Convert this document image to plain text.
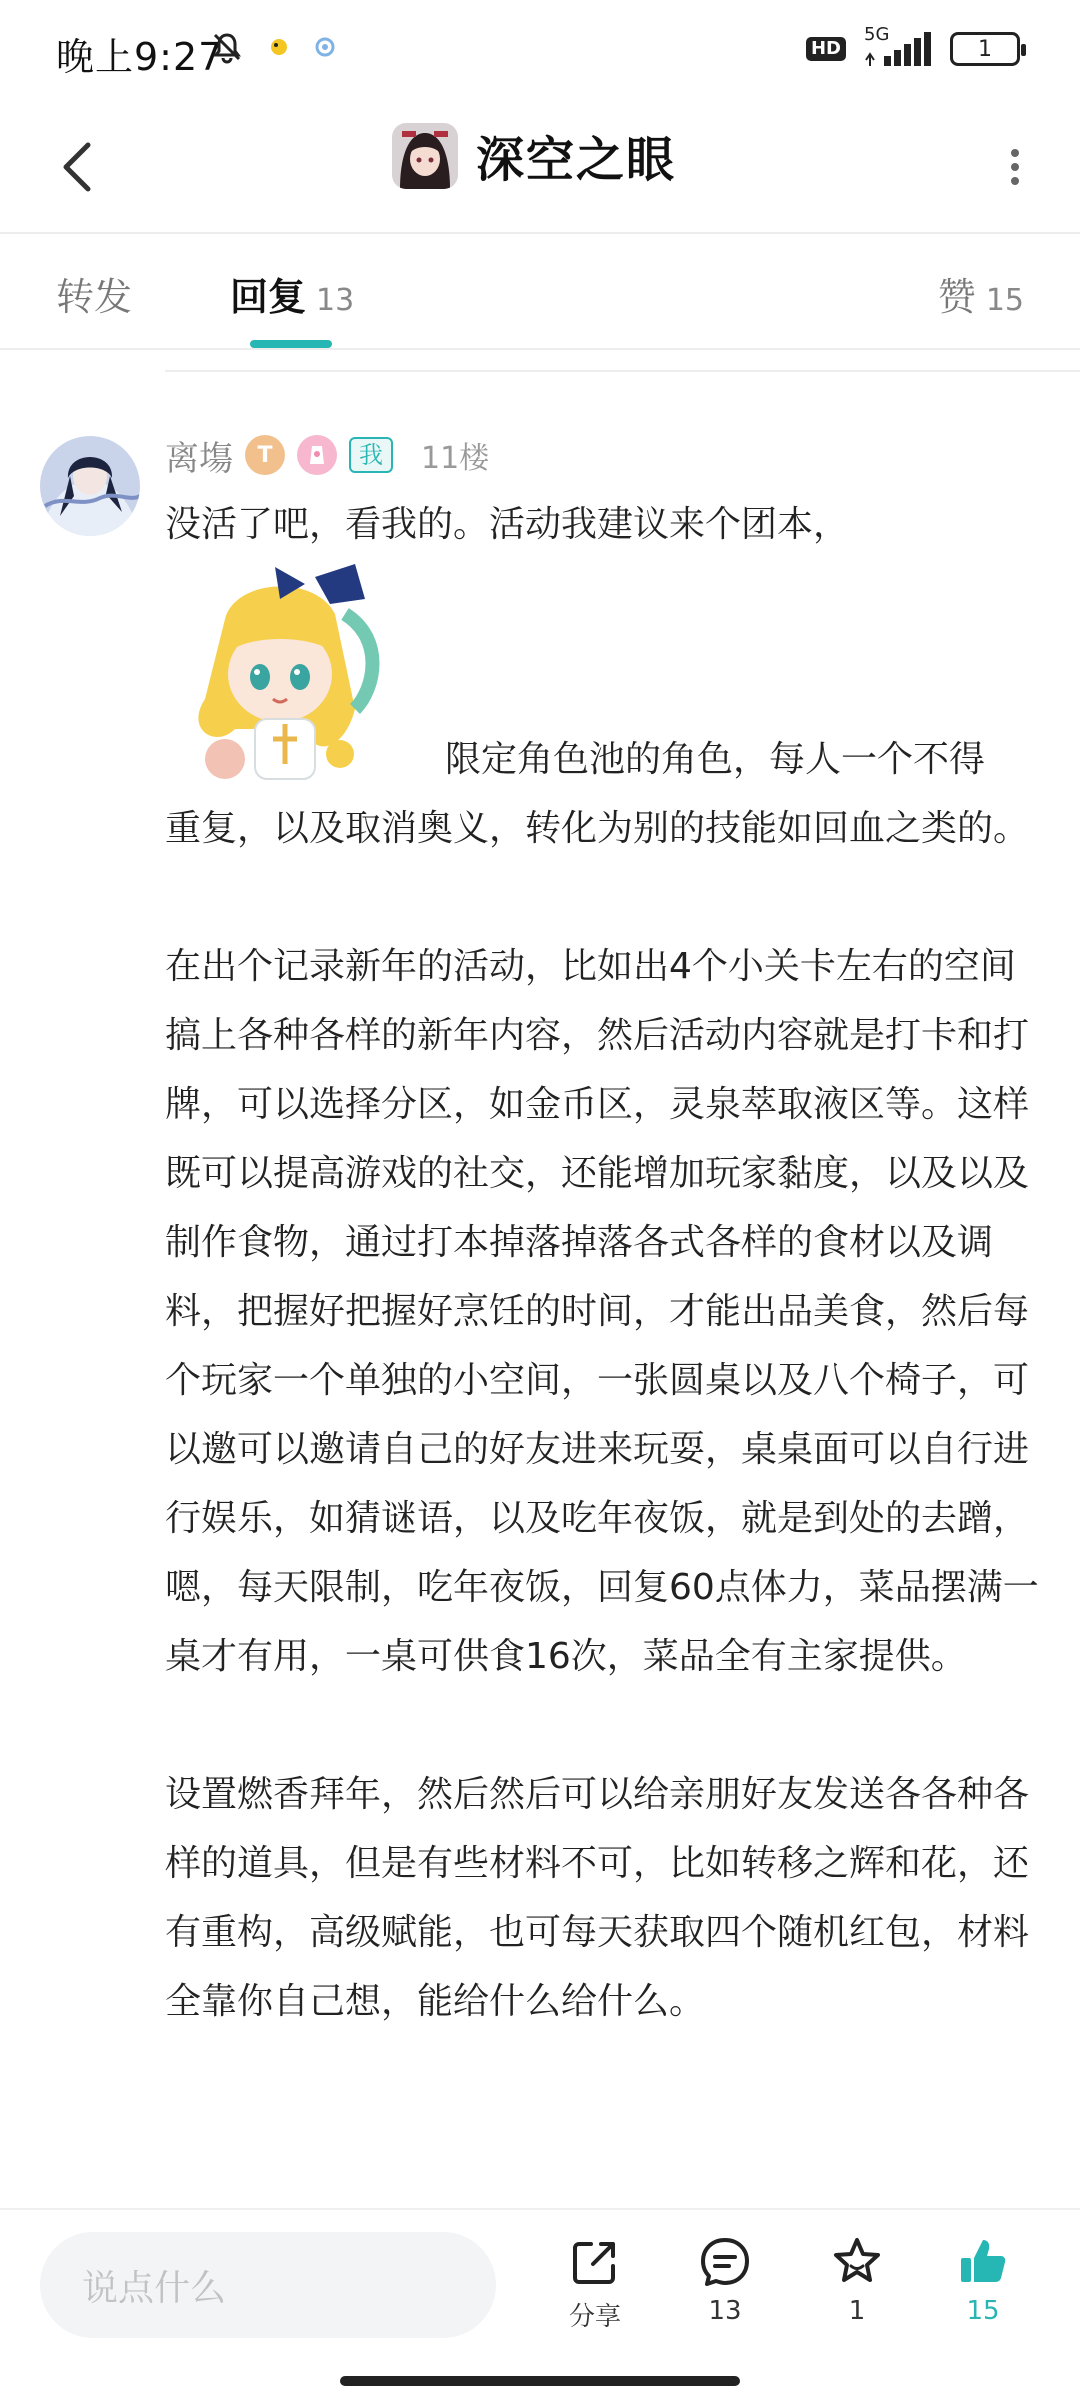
晚上9:27	HD
5G
1
深空之眼
转发	回复 13	赞 15
离塲	T	我	11楼

没活了吧，看我的。活动我建议来个团本，

限定角色池的角色，每人一个不得

重复，以及取消奥义，转化为别的技能如回血之类的。

在出个记录新年的活动，比如出4个小关卡左右的空间搞上各种各样的新年内容，然后活动内容就是打卡和打牌，可以选择分区，如金币区，灵泉萃取液区等。这样既可以提高游戏的社交，还能增加玩家黏度，以及以及制作食物，通过打本掉落掉落各式各样的食材以及调料，把握好把握好烹饪的时间，才能出品美食，然后每个玩家一个单独的小空间，一张圆桌以及八个椅子，可以邀可以邀请自己的好友进来玩耍，桌桌面可以自行进行娱乐，如猜谜语，以及吃年夜饭，就是到处的去蹭，嗯，每天限制，吃年夜饭，回复60点体力，菜品摆满一桌才有用，一桌可供食16次，菜品全有主家提供。

设置燃香拜年，然后然后可以给亲朋好友发送各各种各样的道具，但是有些材料不可，比如转移之辉和花，还有重构，高级赋能，也可每天获取四个随机红包，材料全靠你自己想，能给什么给什么。

说点什么
分享	13	1	15
